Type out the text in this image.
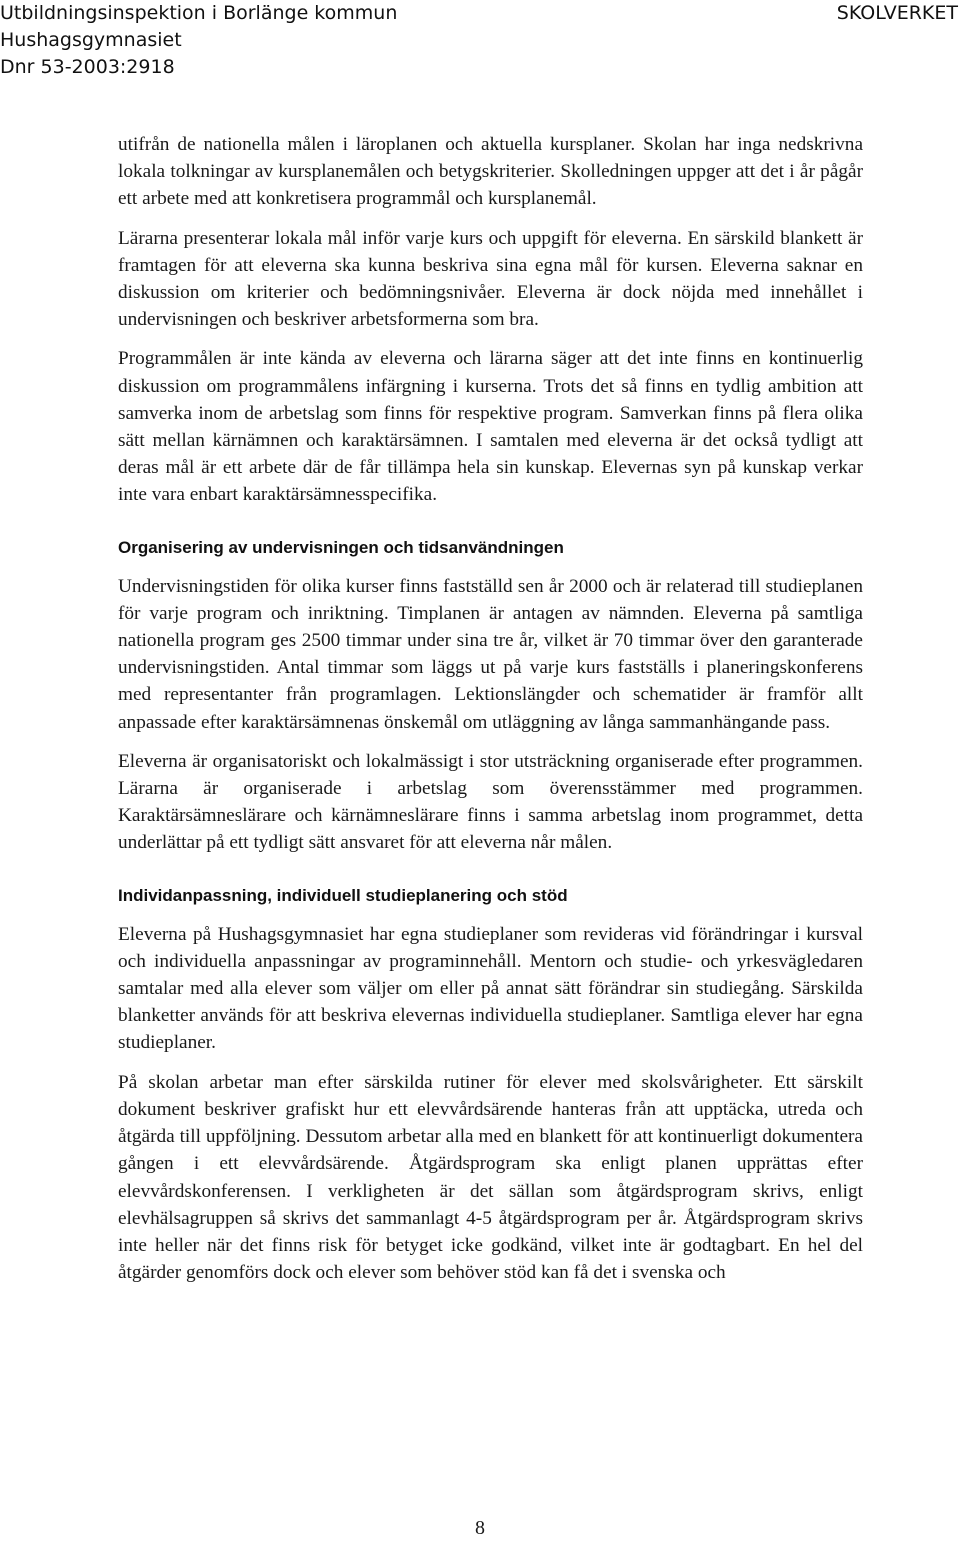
Utbildningsinspektion i Borlänge kommun
Hushagsgymnasiet
Dnr 53-2003:2918
SKOLVERKET

utifrån de nationella målen i läroplanen och aktuella kursplaner. Skolan har inga nedskrivna lokala tolkningar av kursplanemålen och betygskriterier. Skolledningen uppger att det i år pågår ett arbete med att konkretisera programmål och kursplanemål.

Lärarna presenterar lokala mål inför varje kurs och uppgift för eleverna. En särskild blankett är framtagen för att eleverna ska kunna beskriva sina egna mål för kursen. Eleverna saknar en diskussion om kriterier och bedömningsnivåer. Eleverna är dock nöjda med innehållet i undervisningen och beskriver arbetsformerna som bra.

Programmålen är inte kända av eleverna och lärarna säger att det inte finns en kontinuerlig diskussion om programmålens infärgning i kurserna. Trots det så finns en tydlig ambition att samverka inom de arbetslag som finns för respektive program. Samverkan finns på flera olika sätt mellan kärnämnen och karaktärsämnen. I samtalen med eleverna är det också tydligt att deras mål är ett arbete där de får tillämpa hela sin kunskap. Elevernas syn på kunskap verkar inte vara enbart karaktärsämnesspecifika.

Organisering av undervisningen och tidsanvändningen

Undervisningstiden för olika kurser finns fastställd sen år 2000 och är relaterad till studieplanen för varje program och inriktning. Timplanen är antagen av nämnden. Eleverna på samtliga nationella program ges 2500 timmar under sina tre år, vilket är 70 timmar över den garanterade undervisningstiden. Antal timmar som läggs ut på varje kurs fastställs i planeringskonferens med representanter från programlagen. Lektionslängder och schematider är framför allt anpassade efter karaktärsämnenas önskemål om utläggning av långa sammanhängande pass.

Eleverna är organisatoriskt och lokalmässigt i stor utsträckning organiserade efter programmen. Lärarna är organiserade i arbetslag som överensstämmer med programmen. Karaktärsämneslärare och kärnämneslärare finns i samma arbetslag inom programmet, detta underlättar på ett tydligt sätt ansvaret för att eleverna når målen.

Individanpassning, individuell studieplanering och stöd

Eleverna på Hushagsgymnasiet har egna studieplaner som revideras vid förändringar i kursval och individuella anpassningar av programinnehåll. Mentorn och studie- och yrkesvägledaren samtalar med alla elever som väljer om eller på annat sätt förändrar sin studiegång. Särskilda blanketter används för att beskriva elevernas individuella studieplaner. Samtliga elever har egna studieplaner.

På skolan arbetar man efter särskilda rutiner för elever med skolsvårigheter. Ett särskilt dokument beskriver grafiskt hur ett elevvårdsärende hanteras från att upptäcka, utreda och åtgärda till uppföljning. Dessutom arbetar alla med en blankett för att kontinuerligt dokumentera gången i ett elevvårdsärende. Åtgärdsprogram ska enligt planen upprättas efter elevvårdskonferensen. I verkligheten är det sällan som åtgärdsprogram skrivs, enligt elevhälsagruppen så skrivs det sammanlagt 4-5 åtgärdsprogram per år. Åtgärdsprogram skrivs inte heller när det finns risk för betyget icke godkänd, vilket inte är godtagbart. En hel del åtgärder genomförs dock och elever som behöver stöd kan få det i svenska och

8
